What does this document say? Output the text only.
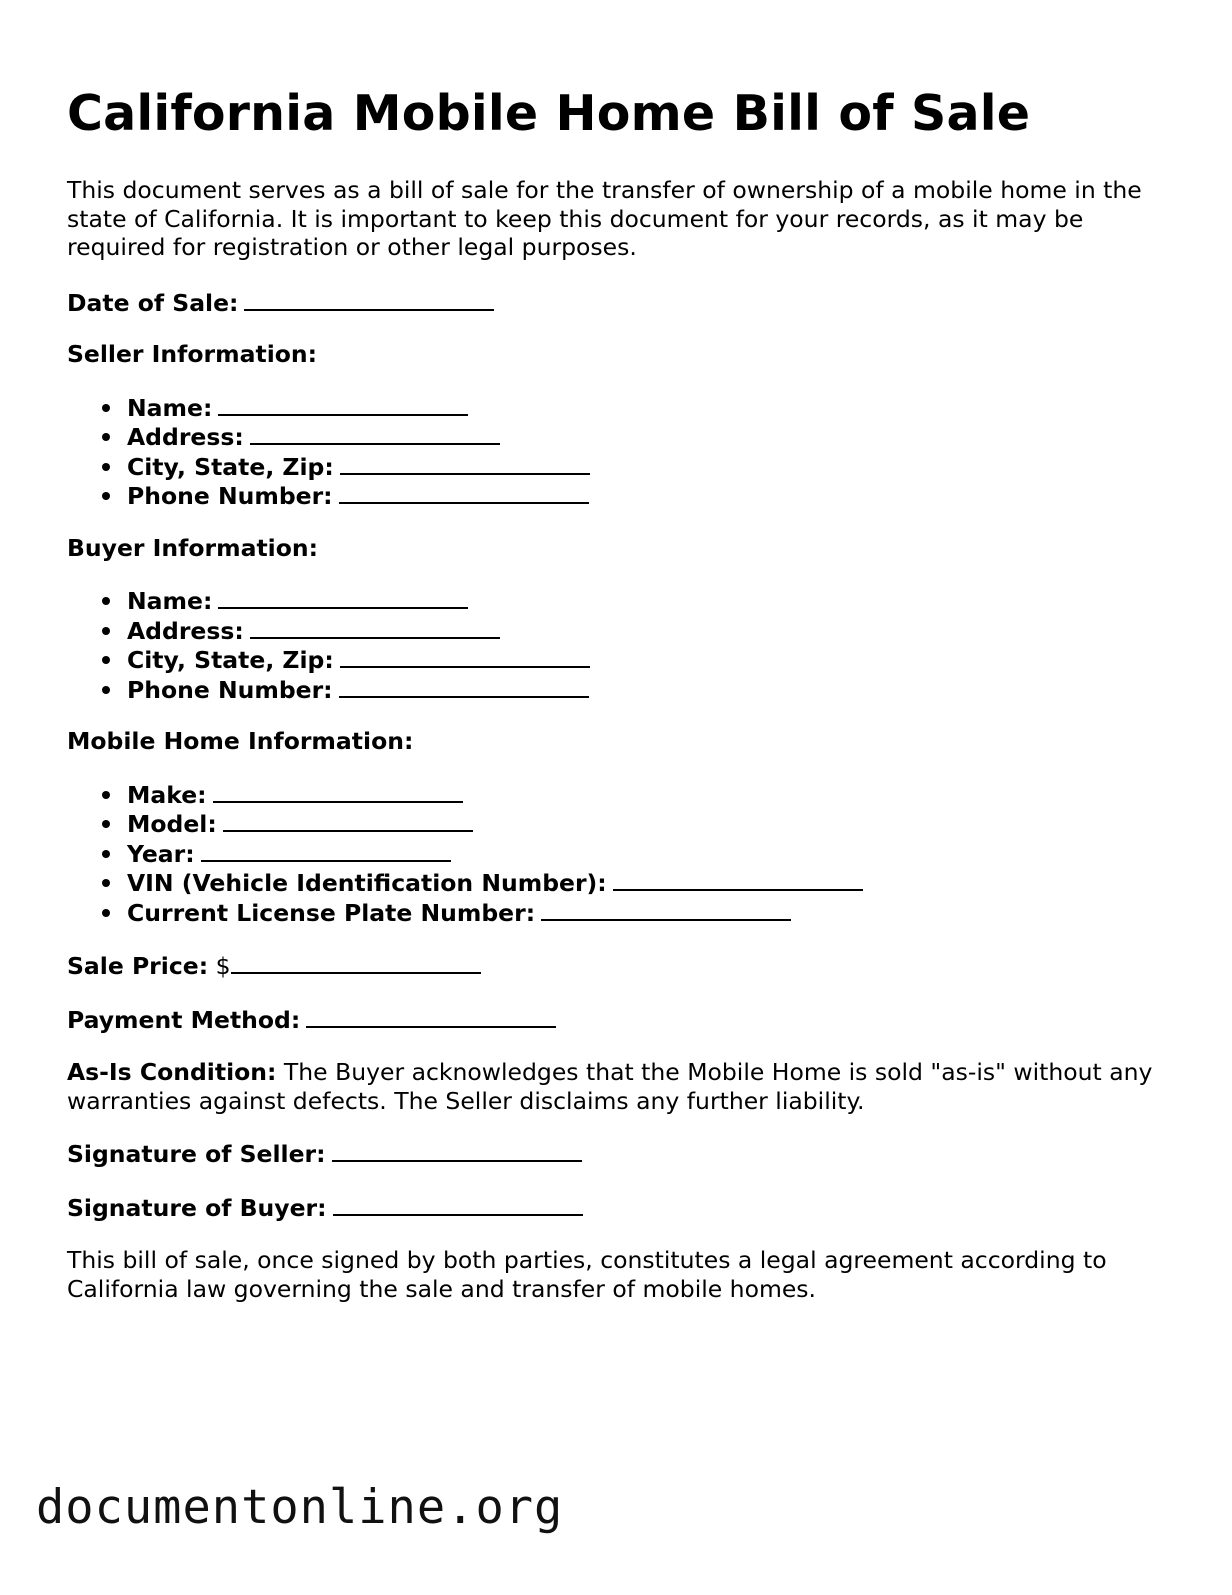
California Mobile Home Bill of Sale

This document serves as a bill of sale for the transfer of ownership of a mobile home in the state of California. It is important to keep this document for your records, as it may be required for registration or other legal purposes.

Date of Sale:

Seller Information:

Name:
Address:
City, State, Zip:
Phone Number:

Buyer Information:

Name:
Address:
City, State, Zip:
Phone Number:

Mobile Home Information:

Make:
Model:
Year:
VIN (Vehicle Identification Number):
Current License Plate Number:

Sale Price: $

Payment Method:

As-Is Condition: The Buyer acknowledges that the Mobile Home is sold "as-is" without any warranties against defects. The Seller disclaims any further liability.

Signature of Seller:

Signature of Buyer:

This bill of sale, once signed by both parties, constitutes a legal agreement according to California law governing the sale and transfer of mobile homes.

documentonline.org
